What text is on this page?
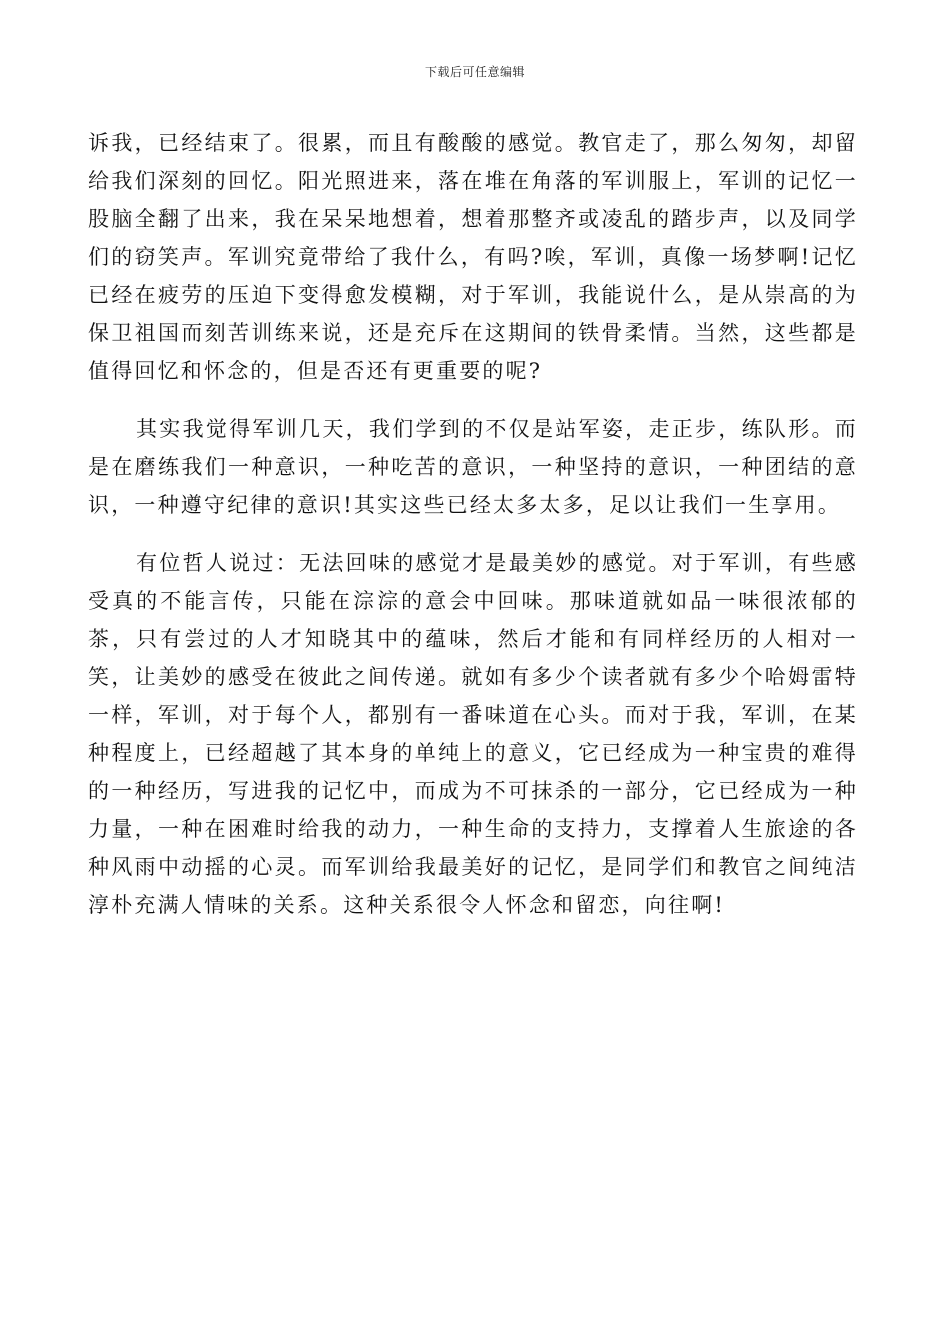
下载后可任意编辑

诉我，已经结束了。很累，而且有酸酸的感觉。教官走了，那么匆匆，却留给我们深刻的回忆。阳光照进来，落在堆在角落的军训服上，军训的记忆一股脑全翻了出来，我在呆呆地想着，想着那整齐或凌乱的踏步声，以及同学们的窃笑声。军训究竟带给了我什么，有吗?唉，军训，真像一场梦啊!记忆已经在疲劳的压迫下变得愈发模糊，对于军训，我能说什么，是从崇高的为保卫祖国而刻苦训练来说，还是充斥在这期间的铁骨柔情。当然，这些都是值得回忆和怀念的，但是否还有更重要的呢?

其实我觉得军训几天，我们学到的不仅是站军姿，走正步，练队形。而是在磨练我们一种意识，一种吃苦的意识，一种坚持的意识，一种团结的意识，一种遵守纪律的意识!其实这些已经太多太多，足以让我们一生享用。

有位哲人说过：无法回味的感觉才是最美妙的感觉。对于军训，有些感受真的不能言传，只能在淙淙的意会中回味。那味道就如品一味很浓郁的茶，只有尝过的人才知晓其中的蕴味，然后才能和有同样经历的人相对一笑，让美妙的感受在彼此之间传递。就如有多少个读者就有多少个哈姆雷特一样，军训，对于每个人，都别有一番味道在心头。而对于我，军训，在某种程度上，已经超越了其本身的单纯上的意义，它已经成为一种宝贵的难得的一种经历，写进我的记忆中，而成为不可抹杀的一部分，它已经成为一种力量，一种在困难时给我的动力，一种生命的支持力，支撑着人生旅途的各种风雨中动摇的心灵。而军训给我最美好的记忆，是同学们和教官之间纯洁淳朴充满人情味的关系。这种关系很令人怀念和留恋，向往啊!
